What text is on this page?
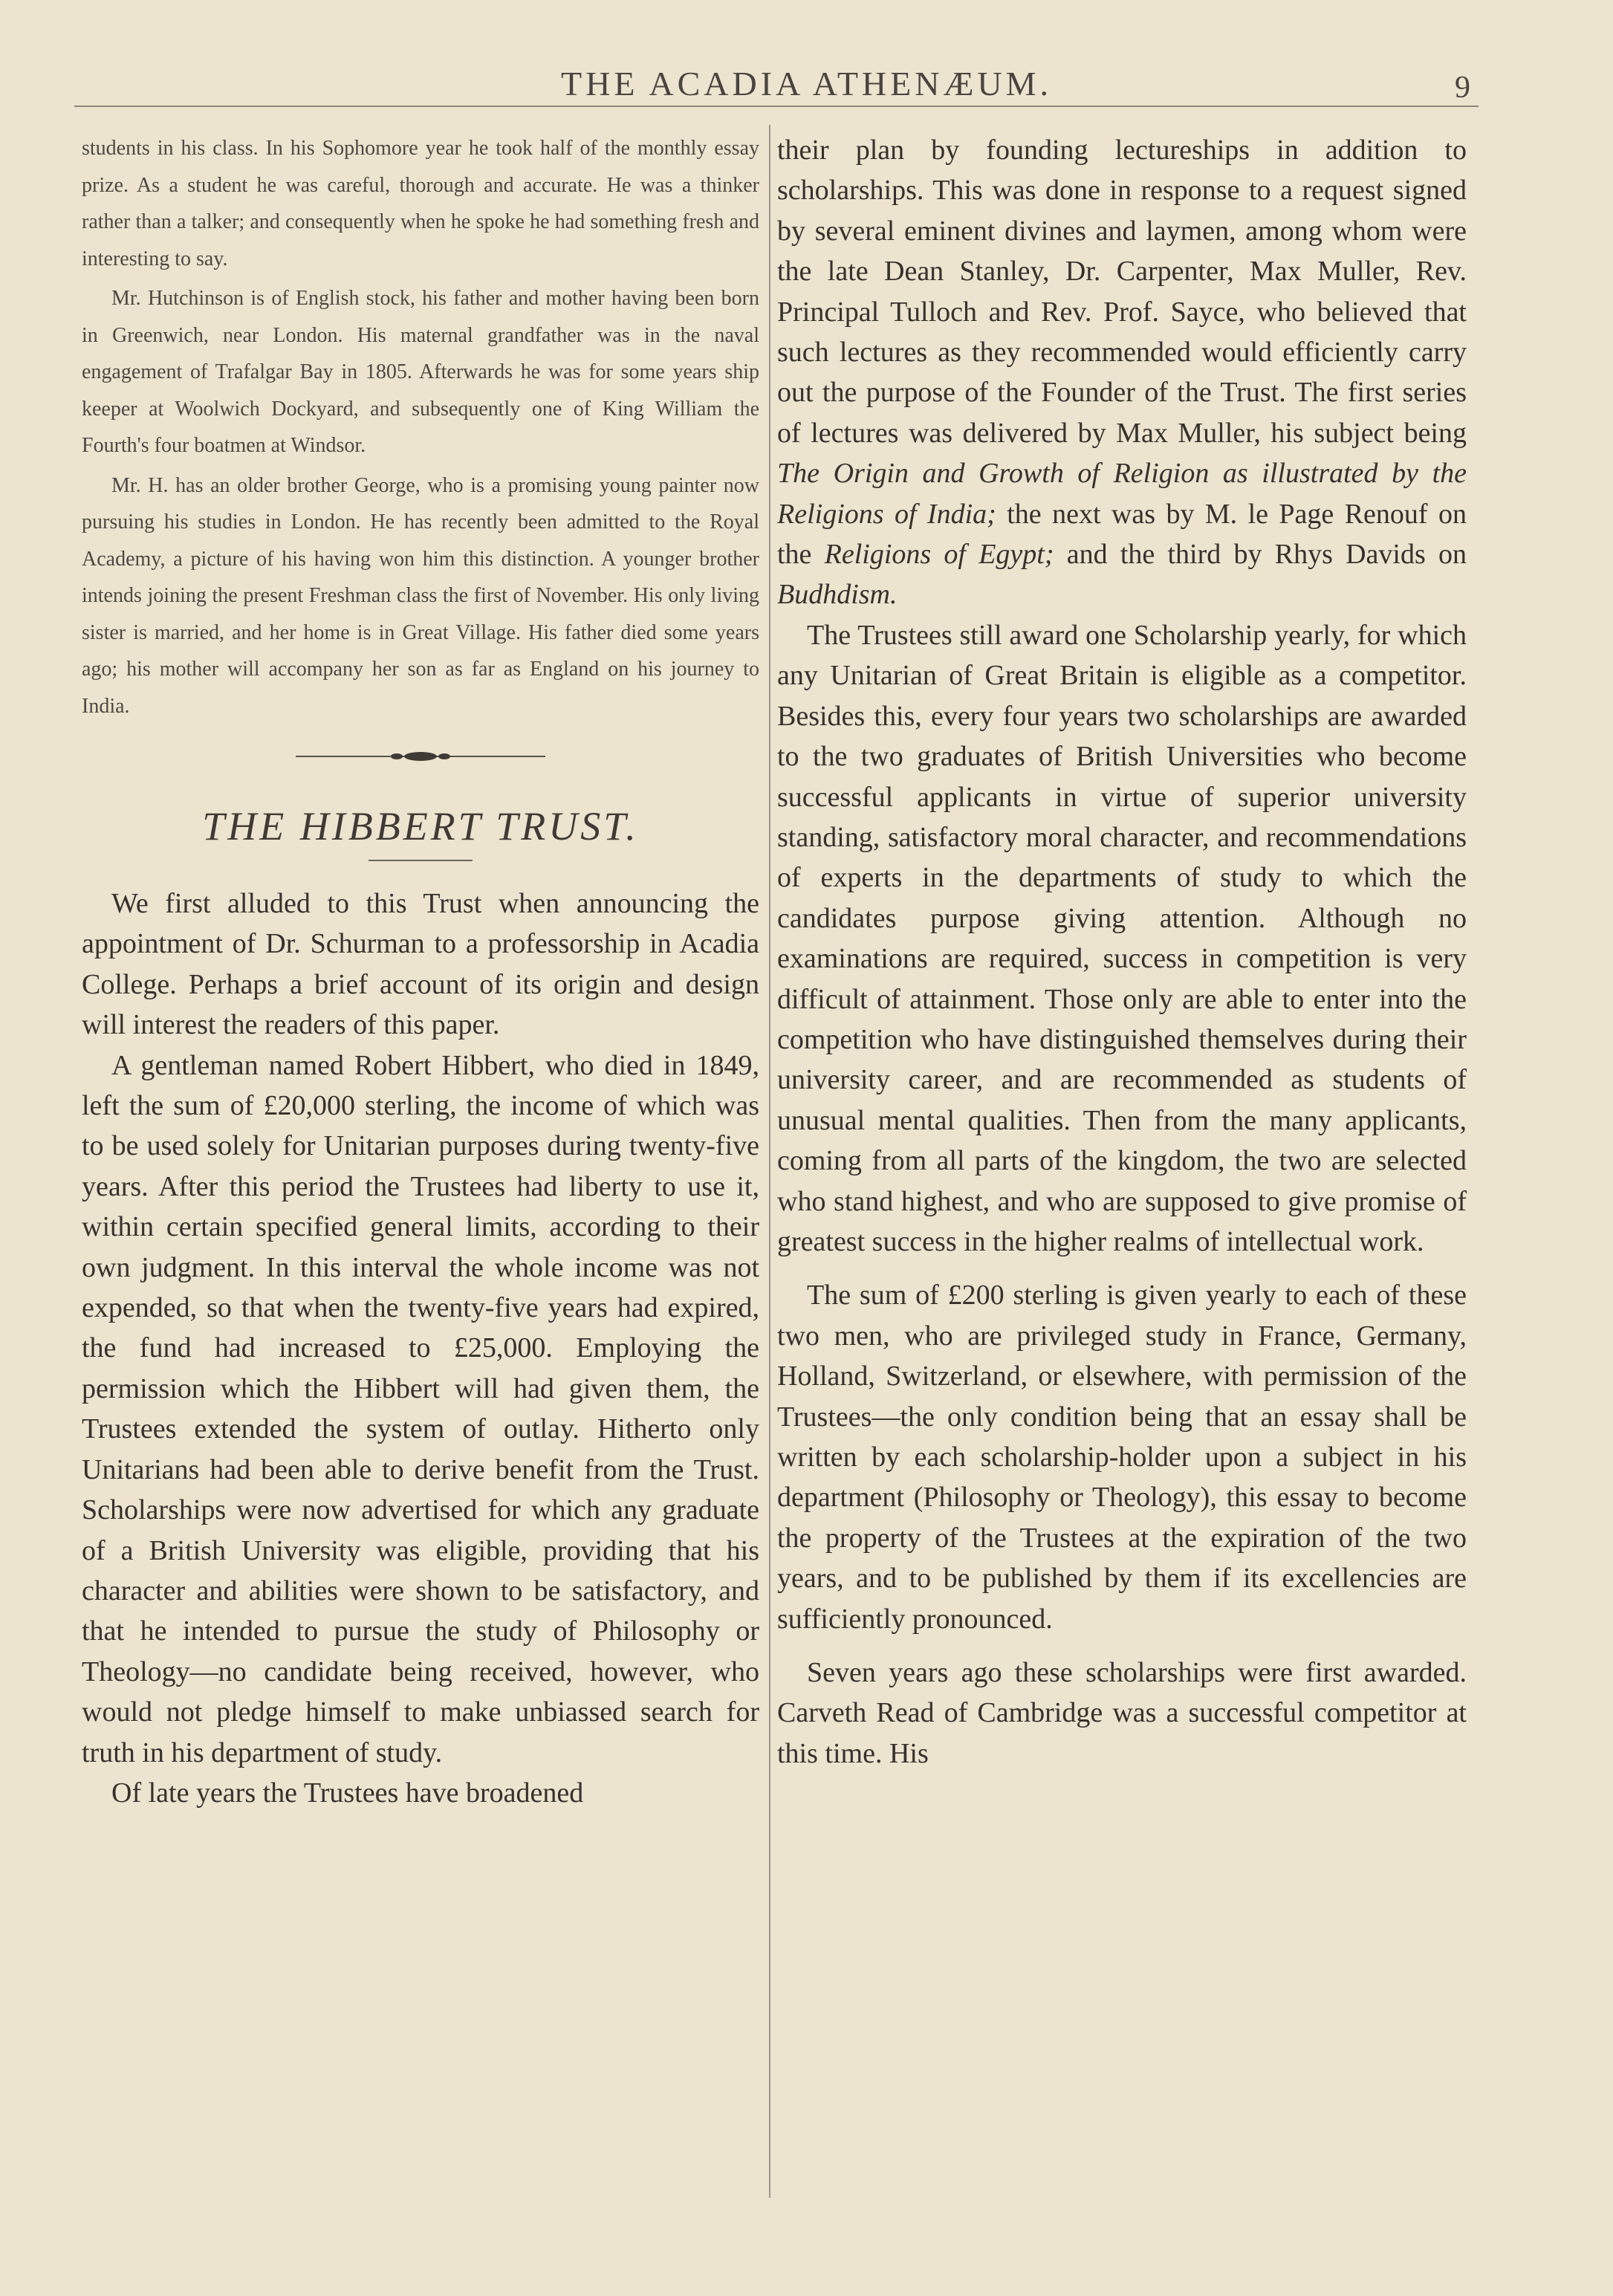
THE ACADIA ATHENÆUM.	9

students in his class. In his Sophomore year he took half of the monthly essay prize. As a student he was careful, thorough and accurate. He was a thinker rather than a talker; and consequently when he spoke he had something fresh and interesting to say.

Mr. Hutchinson is of English stock, his father and mother having been born in Greenwich, near London. His maternal grandfather was in the naval engagement of Trafalgar Bay in 1805. Afterwards he was for some years ship keeper at Woolwich Dockyard, and subsequently one of King William the Fourth's four boatmen at Windsor.

Mr. H. has an older brother George, who is a promising young painter now pursuing his studies in London. He has recently been admitted to the Royal Academy, a picture of his having won him this distinction. A younger brother intends joining the present Freshman class the first of November. His only living sister is married, and her home is in Great Village. His father died some years ago; his mother will accompany her son as far as England on his journey to India.

THE HIBBERT TRUST.

We first alluded to this Trust when announcing the appointment of Dr. Schurman to a professorship in Acadia College. Perhaps a brief account of its origin and design will interest the readers of this paper.

A gentleman named Robert Hibbert, who died in 1849, left the sum of £20,000 sterling, the income of which was to be used solely for Unitarian purposes during twenty-five years. After this period the Trustees had liberty to use it, within certain specified general limits, according to their own judgment. In this interval the whole income was not expended, so that when the twenty-five years had expired, the fund had increased to £25,000. Employing the permission which the Hibbert will had given them, the Trustees extended the system of outlay. Hitherto only Unitarians had been able to derive benefit from the Trust. Scholarships were now advertised for which any graduate of a British University was eligible, providing that his character and abilities were shown to be satisfactory, and that he intended to pursue the study of Philosophy or Theology—no candidate being received, however, who would not pledge himself to make unbiassed search for truth in his department of study.

Of late years the Trustees have broadened

their plan by founding lectureships in addition to scholarships. This was done in response to a request signed by several eminent divines and laymen, among whom were the late Dean Stanley, Dr. Carpenter, Max Muller, Rev. Principal Tulloch and Rev. Prof. Sayce, who believed that such lectures as they recommended would efficiently carry out the purpose of the Founder of the Trust. The first series of lectures was delivered by Max Muller, his subject being The Origin and Growth of Religion as illustrated by the Religions of India; the next was by M. le Page Renouf on the Religions of Egypt; and the third by Rhys Davids on Budhdism.

The Trustees still award one Scholarship yearly, for which any Unitarian of Great Britain is eligible as a competitor. Besides this, every four years two scholarships are awarded to the two graduates of British Universities who become successful applicants in virtue of superior university standing, satisfactory moral character, and recommendations of experts in the departments of study to which the candidates purpose giving attention. Although no examinations are required, success in competition is very difficult of attainment. Those only are able to enter into the competition who have distinguished themselves during their university career, and are recommended as students of unusual mental qualities. Then from the many applicants, coming from all parts of the kingdom, the two are selected who stand highest, and who are supposed to give promise of greatest success in the higher realms of intellectual work.

The sum of £200 sterling is given yearly to each of these two men, who are privileged study in France, Germany, Holland, Switzerland, or elsewhere, with permission of the Trustees—the only condition being that an essay shall be written by each scholarship-holder upon a subject in his department (Philosophy or Theology), this essay to become the property of the Trustees at the expiration of the two years, and to be published by them if its excellencies are sufficiently pronounced.

Seven years ago these scholarships were first awarded. Carveth Read of Cambridge was a successful competitor at this time. His
